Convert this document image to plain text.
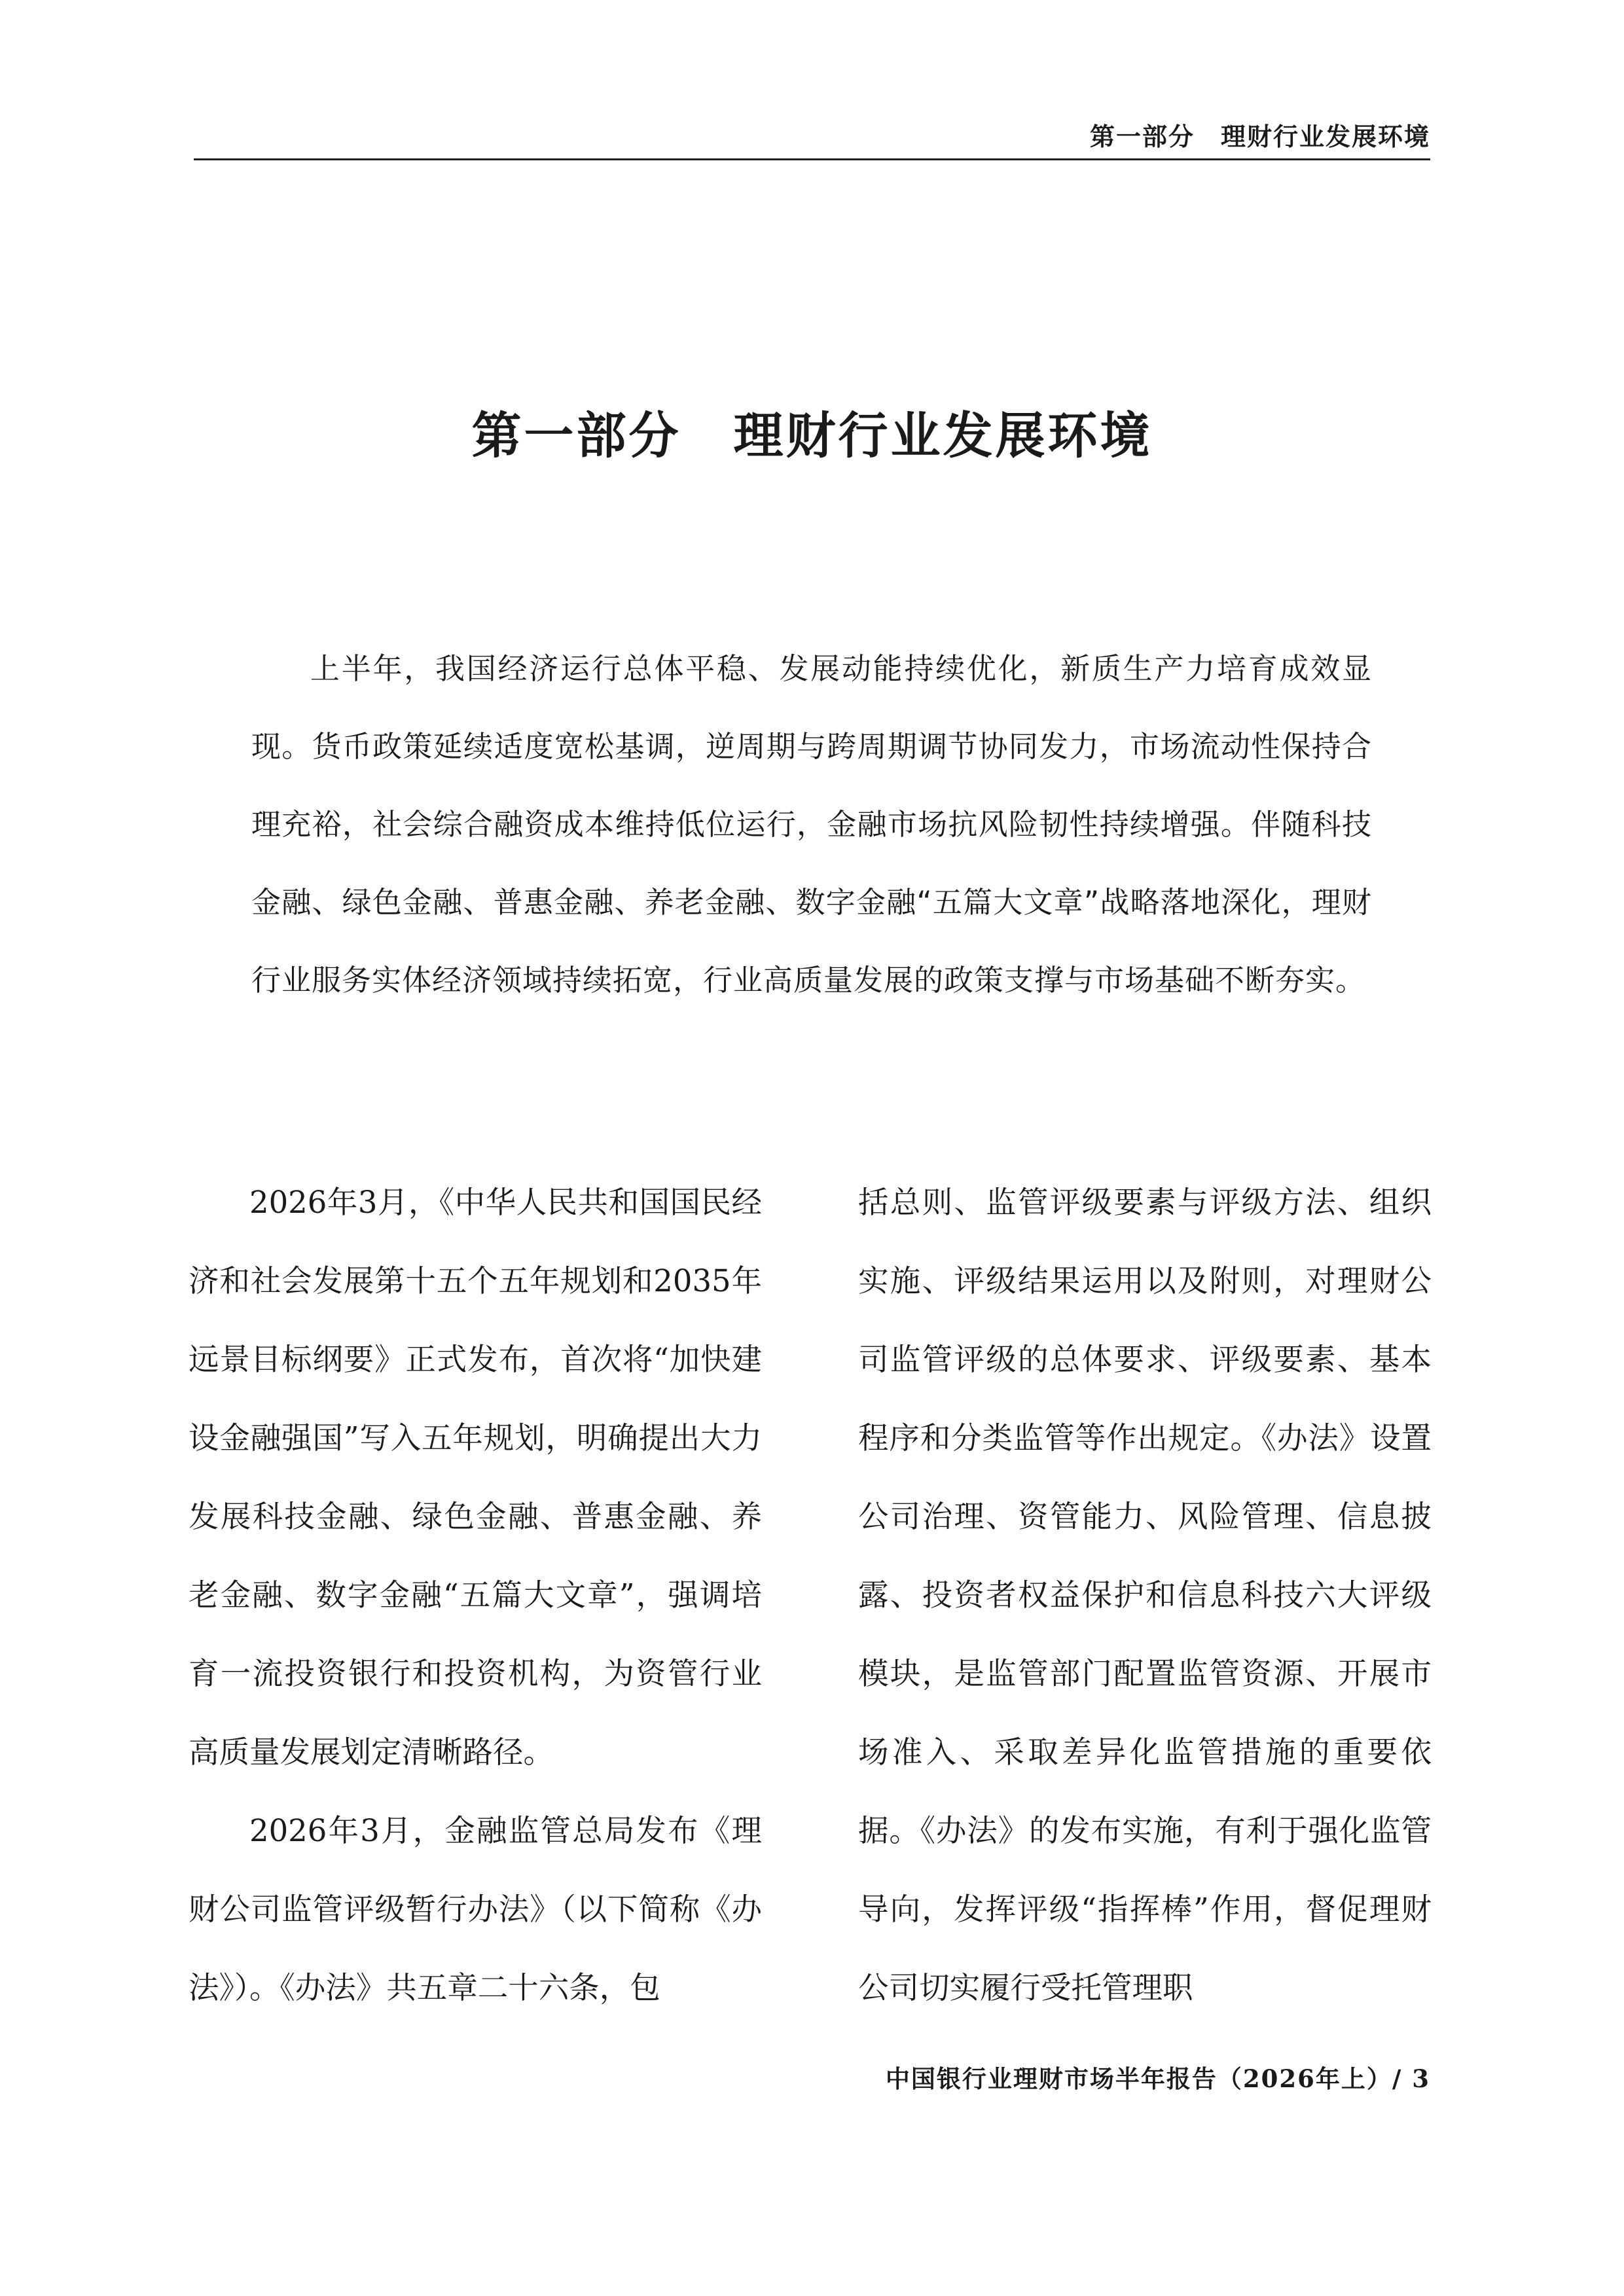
第一部分　理财行业发展环境
第一部分　理财行业发展环境

上半年，我国经济运行总体平稳、发展动能持续优化，新质生产力培育成效显现。货币政策延续适度宽松基调，逆周期与跨周期调节协同发力，市场流动性保持合理充裕，社会综合融资成本维持低位运行，金融市场抗风险韧性持续增强。伴随科技金融、绿色金融、普惠金融、养老金融、数字金融“五篇大文章”战略落地深化，理财行业服务实体经济领域持续拓宽，行业高质量发展的政策支撑与市场基础不断夯实。

2026年3月，《中华人民共和国国民经济和社会发展第十五个五年规划和2035年远景目标纲要》正式发布，首次将“加快建设金融强国”写入五年规划，明确提出大力发展科技金融、绿色金融、普惠金融、养老金融、数字金融“五篇大文章”，强调培育一流投资银行和投资机构，为资管行业高质量发展划定清晰路径。

2026年3月，金融监管总局发布《理财公司监管评级暂行办法》（以下简称《办法》）。《办法》共五章二十六条，包

括总则、监管评级要素与评级方法、组织实施、评级结果运用以及附则，对理财公司监管评级的总体要求、评级要素、基本程序和分类监管等作出规定。《办法》设置公司治理、资管能力、风险管理、信息披露、投资者权益保护和信息科技六大评级模块，是监管部门配置监管资源、开展市场准入、采取差异化监管措施的重要依据。《办法》的发布实施，有利于强化监管导向，发挥评级“指挥棒”作用，督促理财公司切实履行受托管理职

中国银行业理财市场半年报告（2026年上）/ 3
